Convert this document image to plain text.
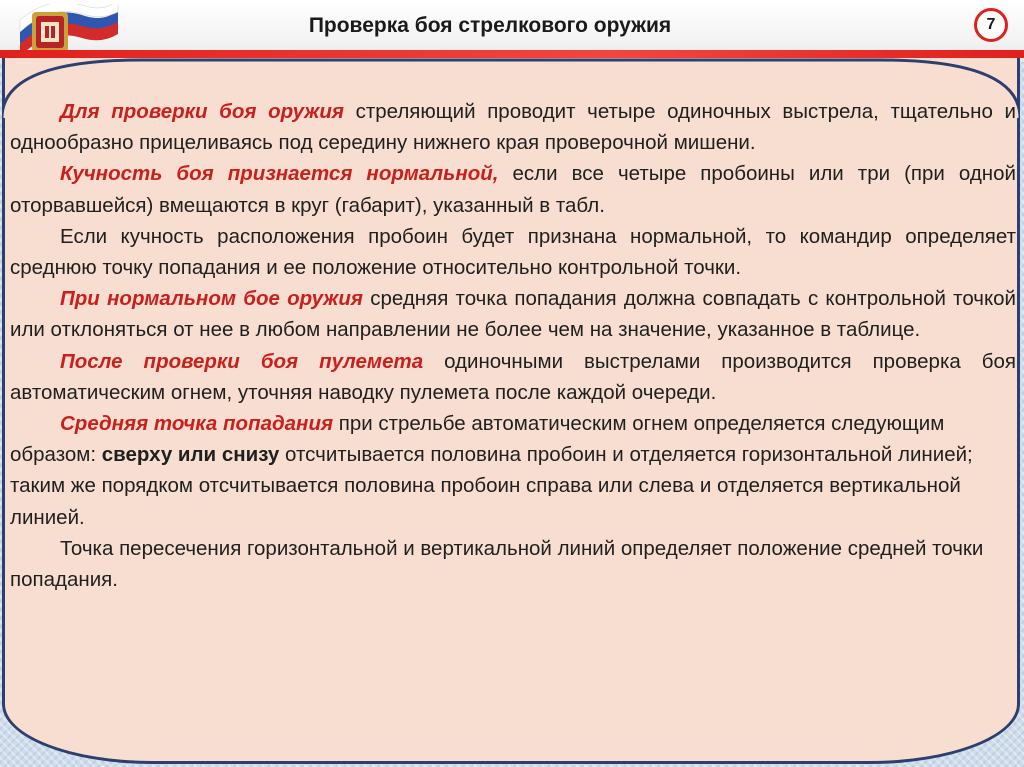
Проверка боя стрелкового оружия	7

Для проверки боя оружия стреляющий проводит четыре одиночных выстрела, тщательно и однообразно прицеливаясь под середину нижнего края проверочной мишени.

Кучность боя признается нормальной, если все четыре пробоины или три (при одной оторвавшейся) вмещаются в круг (габарит), указанный в табл.

Если кучность расположения пробоин будет признана нормальной, то командир определяет среднюю точку попадания и ее положение относительно контрольной точки.

При нормальном бое оружия средняя точка попадания должна совпадать с контрольной точкой или отклоняться от нее в любом направлении не более чем на значение, указанное в таблице.

После проверки боя пулемета одиночными выстрелами производится проверка боя автоматическим огнем, уточняя наводку пулемета после каждой очереди.

Средняя точка попадания при стрельбе автоматическим огнем определяется следующим образом: сверху или снизу отсчитывается половина пробоин и отделяется горизонтальной линией; таким же порядком отсчитывается половина пробоин справа или слева и отделяется вертикальной линией.

Точка пересечения горизонтальной и вертикальной линий определяет положение средней точки попадания.
